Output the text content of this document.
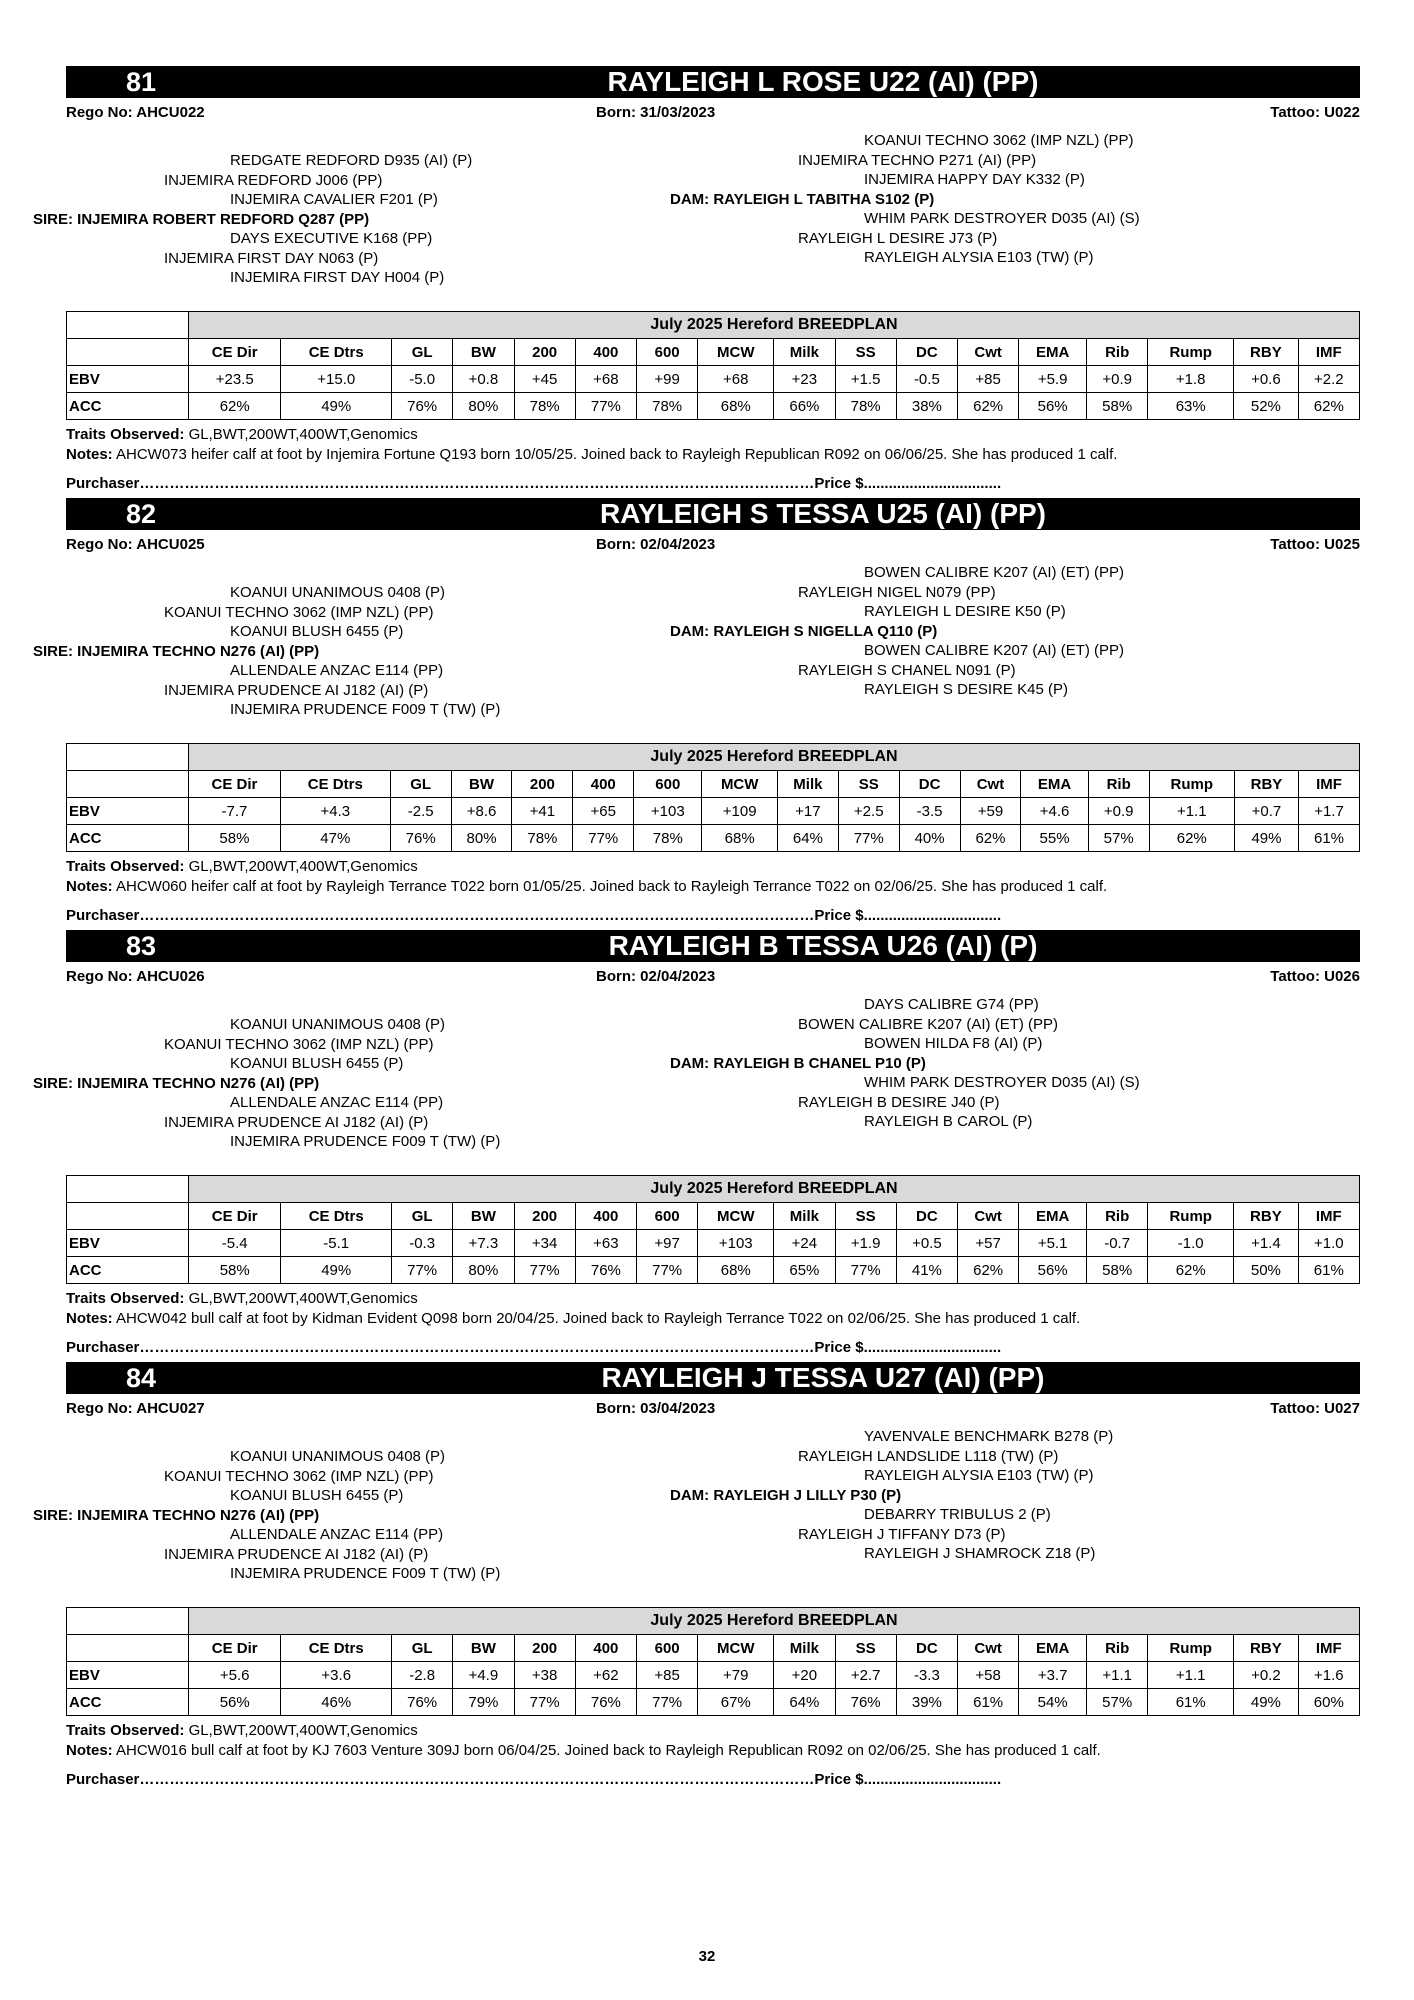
81	RAYLEIGH L ROSE U22 (AI) (PP)
Rego No: AHCU022	Born: 31/03/2023	Tattoo: U022
REDGATE REDFORD D935 (AI) (P)
INJEMIRA REDFORD J006 (PP)
INJEMIRA CAVALIER F201 (P)
SIRE: INJEMIRA ROBERT REDFORD Q287 (PP)
DAYS EXECUTIVE K168 (PP)
INJEMIRA FIRST DAY N063 (P)
INJEMIRA FIRST DAY H004 (P)
KOANUI TECHNO 3062 (IMP NZL) (PP)
INJEMIRA TECHNO P271 (AI) (PP)
INJEMIRA HAPPY DAY K332 (P)
DAM: RAYLEIGH L TABITHA S102 (P)
WHIM PARK DESTROYER D035 (AI) (S)
RAYLEIGH L DESIRE J73 (P)
RAYLEIGH ALYSIA E103 (TW) (P)
	July 2025 Hereford BREEDPLAN																
	CE Dir	CE Dtrs	GL	BW	200	400	600	MCW	Milk	SS	DC	Cwt	EMA	Rib	Rump	RBY	IMF
EBV	+23.5	+15.0	-5.0	+0.8	+45	+68	+99	+68	+23	+1.5	-0.5	+85	+5.9	+0.9	+1.8	+0.6	+2.2
ACC	62%	49%	76%	80%	78%	77%	78%	68%	66%	78%	38%	62%	56%	58%	63%	52%	62%
Traits Observed: GL,BWT,200WT,400WT,Genomics
Notes: AHCW073 heifer calf at foot by Injemira Fortune Q193 born 10/05/25. Joined back to Rayleigh Republican R092 on 06/06/25. She has produced 1 calf.
Purchaser………………………………………………………………………………………………………………………Price $.................................
82	RAYLEIGH S TESSA U25 (AI) (PP)
Rego No: AHCU025	Born: 02/04/2023	Tattoo: U025
KOANUI UNANIMOUS 0408 (P)
KOANUI TECHNO 3062 (IMP NZL) (PP)
KOANUI BLUSH 6455 (P)
SIRE: INJEMIRA TECHNO N276 (AI) (PP)
ALLENDALE ANZAC E114 (PP)
INJEMIRA PRUDENCE AI J182 (AI) (P)
INJEMIRA PRUDENCE F009 T (TW) (P)
BOWEN CALIBRE K207 (AI) (ET) (PP)
RAYLEIGH NIGEL N079 (PP)
RAYLEIGH L DESIRE K50 (P)
DAM: RAYLEIGH S NIGELLA Q110 (P)
BOWEN CALIBRE K207 (AI) (ET) (PP)
RAYLEIGH S CHANEL N091 (P)
RAYLEIGH S DESIRE K45 (P)
	July 2025 Hereford BREEDPLAN																
	CE Dir	CE Dtrs	GL	BW	200	400	600	MCW	Milk	SS	DC	Cwt	EMA	Rib	Rump	RBY	IMF
EBV	-7.7	+4.3	-2.5	+8.6	+41	+65	+103	+109	+17	+2.5	-3.5	+59	+4.6	+0.9	+1.1	+0.7	+1.7
ACC	58%	47%	76%	80%	78%	77%	78%	68%	64%	77%	40%	62%	55%	57%	62%	49%	61%
Traits Observed: GL,BWT,200WT,400WT,Genomics
Notes: AHCW060 heifer calf at foot by Rayleigh Terrance T022 born 01/05/25. Joined back to Rayleigh Terrance T022 on 02/06/25. She has produced 1 calf.
Purchaser………………………………………………………………………………………………………………………Price $.................................
83	RAYLEIGH B TESSA U26 (AI) (P)
Rego No: AHCU026	Born: 02/04/2023	Tattoo: U026
KOANUI UNANIMOUS 0408 (P)
KOANUI TECHNO 3062 (IMP NZL) (PP)
KOANUI BLUSH 6455 (P)
SIRE: INJEMIRA TECHNO N276 (AI) (PP)
ALLENDALE ANZAC E114 (PP)
INJEMIRA PRUDENCE AI J182 (AI) (P)
INJEMIRA PRUDENCE F009 T (TW) (P)
DAYS CALIBRE G74 (PP)
BOWEN CALIBRE K207 (AI) (ET) (PP)
BOWEN HILDA F8 (AI) (P)
DAM: RAYLEIGH B CHANEL P10 (P)
WHIM PARK DESTROYER D035 (AI) (S)
RAYLEIGH B DESIRE J40 (P)
RAYLEIGH B CAROL (P)
	July 2025 Hereford BREEDPLAN																
	CE Dir	CE Dtrs	GL	BW	200	400	600	MCW	Milk	SS	DC	Cwt	EMA	Rib	Rump	RBY	IMF
EBV	-5.4	-5.1	-0.3	+7.3	+34	+63	+97	+103	+24	+1.9	+0.5	+57	+5.1	-0.7	-1.0	+1.4	+1.0
ACC	58%	49%	77%	80%	77%	76%	77%	68%	65%	77%	41%	62%	56%	58%	62%	50%	61%
Traits Observed: GL,BWT,200WT,400WT,Genomics
Notes: AHCW042 bull calf at foot by Kidman Evident Q098 born 20/04/25. Joined back to Rayleigh Terrance T022 on 02/06/25. She has produced 1 calf.
Purchaser………………………………………………………………………………………………………………………Price $.................................
84	RAYLEIGH J TESSA U27 (AI) (PP)
Rego No: AHCU027	Born: 03/04/2023	Tattoo: U027
KOANUI UNANIMOUS 0408 (P)
KOANUI TECHNO 3062 (IMP NZL) (PP)
KOANUI BLUSH 6455 (P)
SIRE: INJEMIRA TECHNO N276 (AI) (PP)
ALLENDALE ANZAC E114 (PP)
INJEMIRA PRUDENCE AI J182 (AI) (P)
INJEMIRA PRUDENCE F009 T (TW) (P)
YAVENVALE BENCHMARK B278 (P)
RAYLEIGH LANDSLIDE L118 (TW) (P)
RAYLEIGH ALYSIA E103 (TW) (P)
DAM: RAYLEIGH J LILLY P30 (P)
DEBARRY TRIBULUS 2 (P)
RAYLEIGH J TIFFANY D73 (P)
RAYLEIGH J SHAMROCK Z18 (P)
	July 2025 Hereford BREEDPLAN																
	CE Dir	CE Dtrs	GL	BW	200	400	600	MCW	Milk	SS	DC	Cwt	EMA	Rib	Rump	RBY	IMF
EBV	+5.6	+3.6	-2.8	+4.9	+38	+62	+85	+79	+20	+2.7	-3.3	+58	+3.7	+1.1	+1.1	+0.2	+1.6
ACC	56%	46%	76%	79%	77%	76%	77%	67%	64%	76%	39%	61%	54%	57%	61%	49%	60%
Traits Observed: GL,BWT,200WT,400WT,Genomics
Notes: AHCW016 bull calf at foot by KJ 7603 Venture 309J born 06/04/25. Joined back to Rayleigh Republican R092 on 02/06/25. She has produced 1 calf.
Purchaser………………………………………………………………………………………………………………………Price $.................................
32
